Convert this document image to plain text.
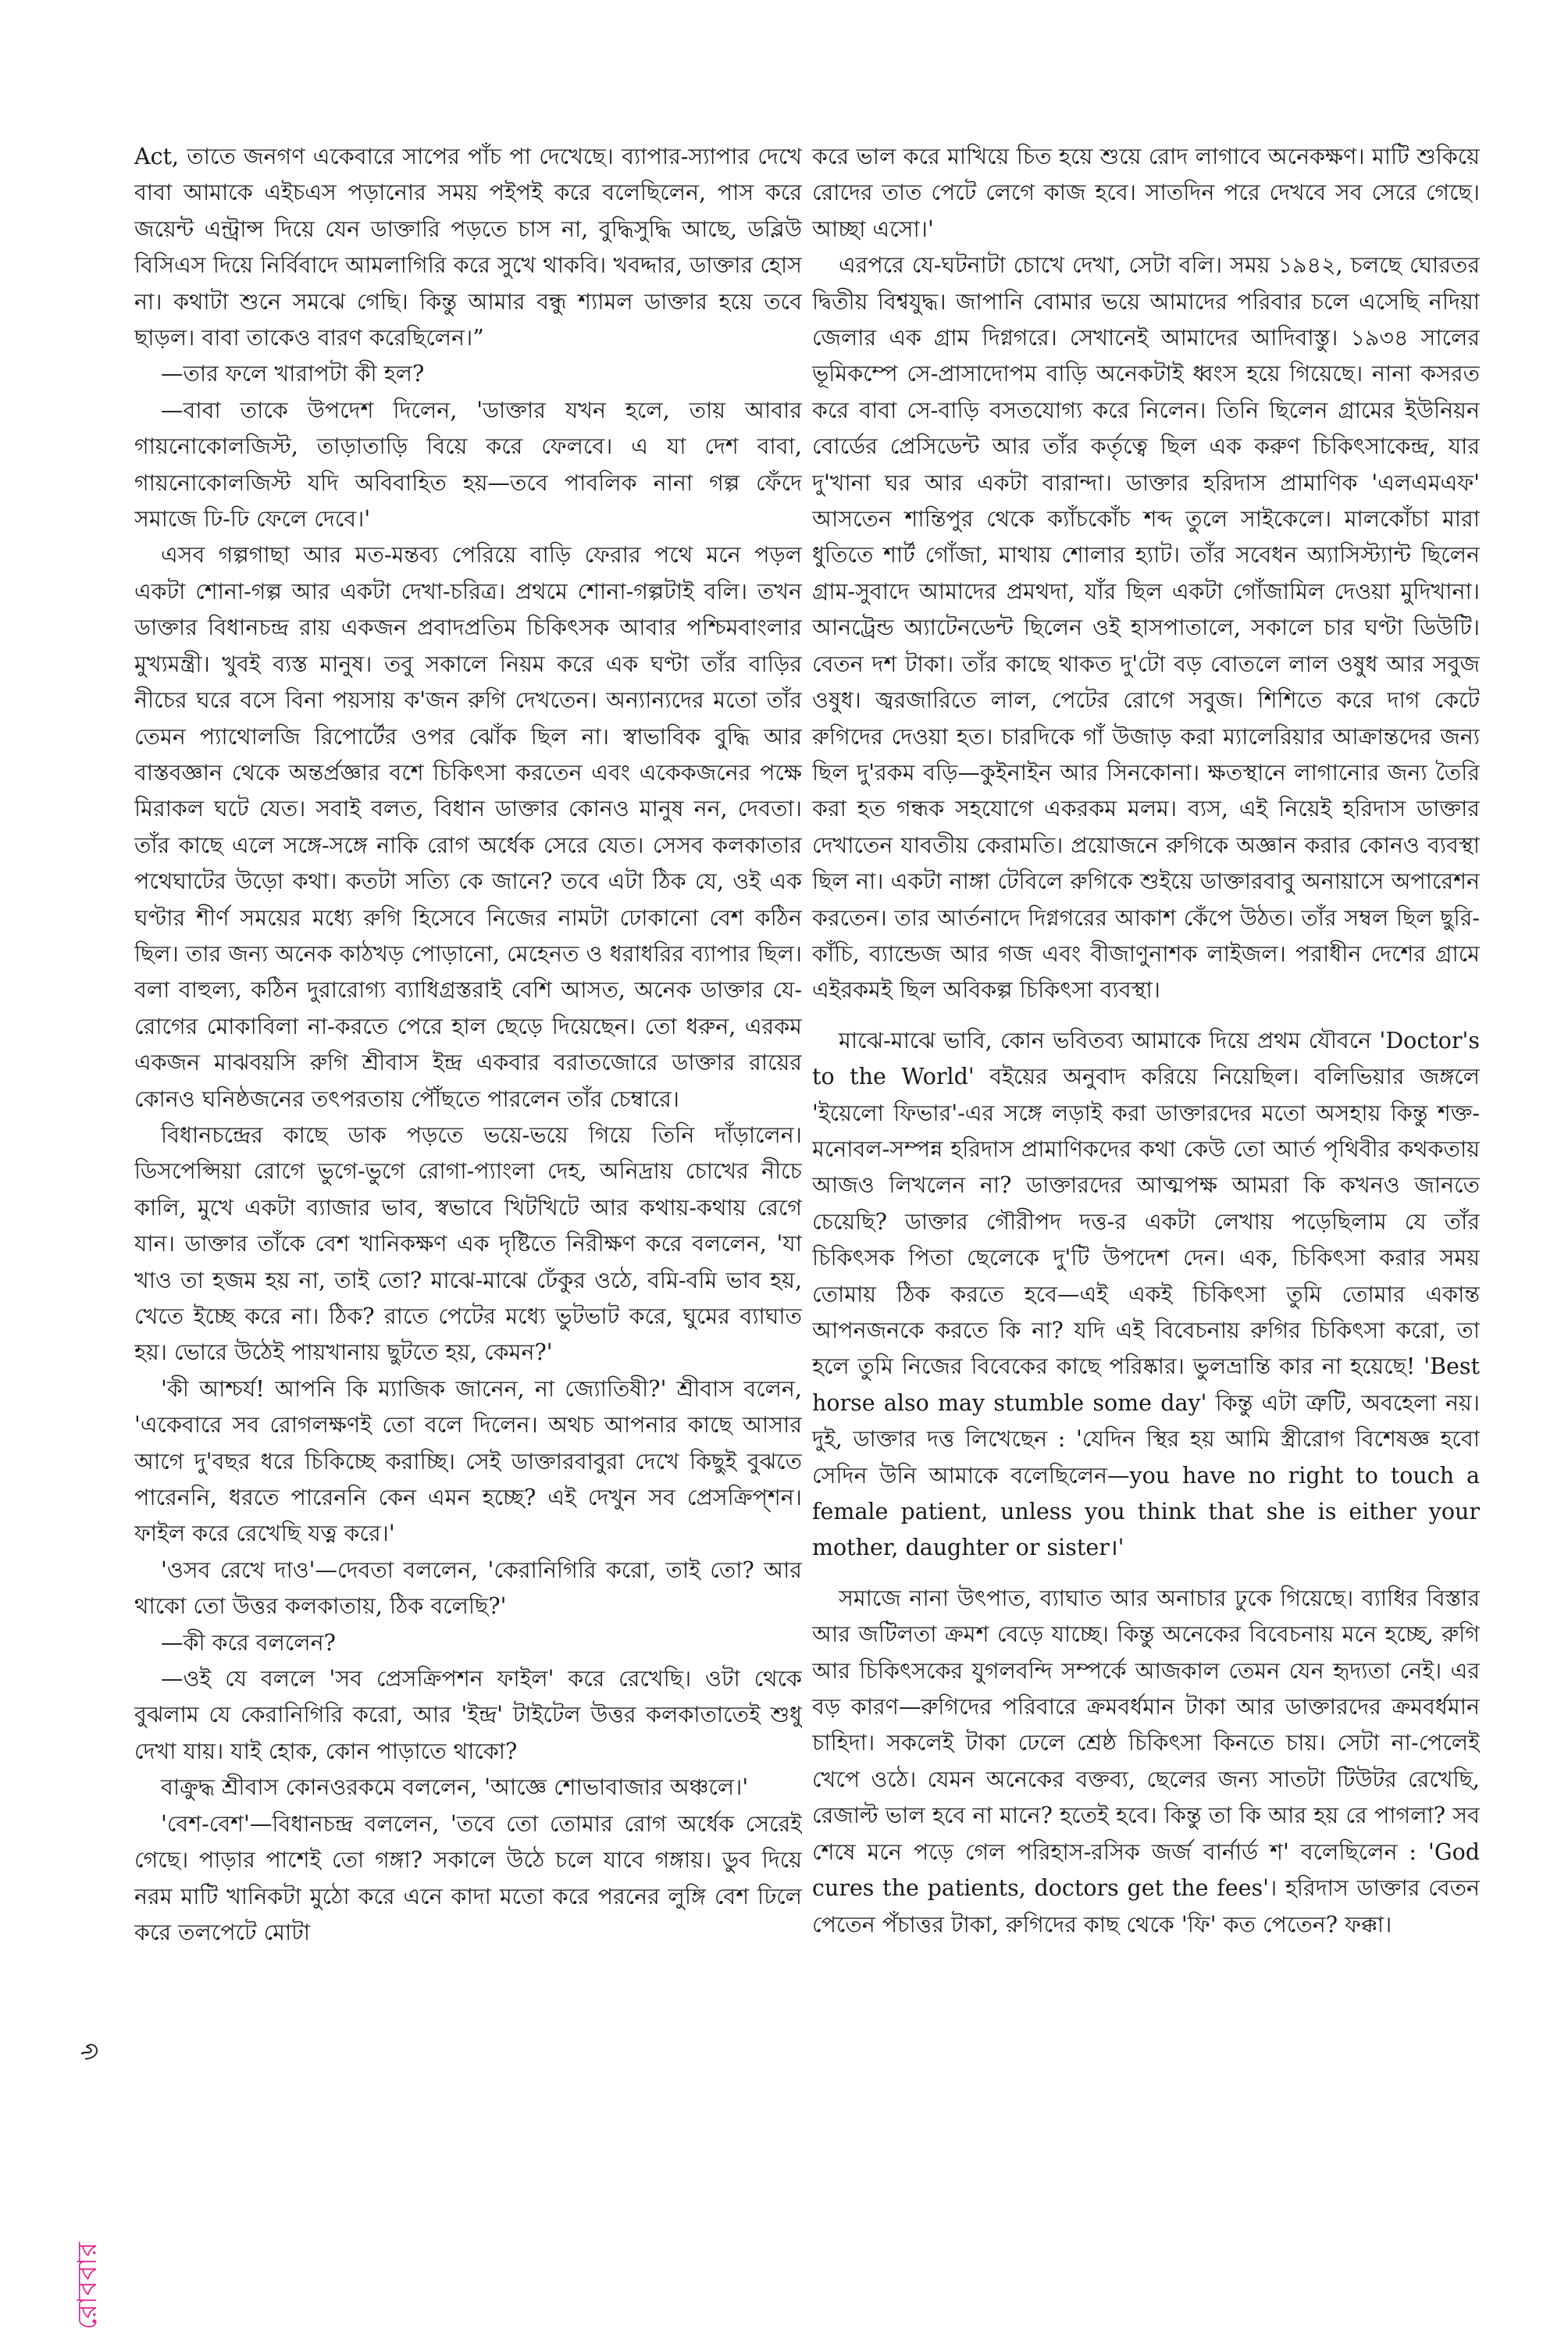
Act, তাতে জনগণ একেবারে সাপের পাঁচ পা দেখেছে। ব্যাপার-স্যাপার দেখে বাবা আমাকে এইচএস পড়ানোর সময় পইপই করে বলেছিলেন, পাস করে জয়েন্ট এন্ট্রান্স দিয়ে যেন ডাক্তারি পড়তে চাস না, বুদ্ধিসুদ্ধি আছে, ডব্লিউ বিসিএস দিয়ে নির্বিবাদে আমলাগিরি করে সুখে থাকবি। খবদ্দার, ডাক্তার হোস না। কথাটা শুনে সমঝে গেছি। কিন্তু আমার বন্ধু শ্যামল ডাক্তার হয়ে তবে ছাড়ল। বাবা তাকেও বারণ করেছিলেন।”

—তার ফলে খারাপটা কী হল?

—বাবা তাকে উপদেশ দিলেন, 'ডাক্তার যখন হলে, তায় আবার গায়নোকোলজিস্ট, তাড়াতাড়ি বিয়ে করে ফেলবে। এ যা দেশ বাবা, গায়নোকোলজিস্ট যদি অবিবাহিত হয়—তবে পাবলিক নানা গল্প ফেঁদে সমাজে ঢি-ঢি ফেলে দেবে।'

এসব গল্পগাছা আর মত-মন্তব্য পেরিয়ে বাড়ি ফেরার পথে মনে পড়ল একটা শোনা-গল্প আর একটা দেখা-চরিত্র। প্রথমে শোনা-গল্পটাই বলি। তখন ডাক্তার বিধানচন্দ্র রায় একজন প্রবাদপ্রতিম চিকিৎসক আবার পশ্চিমবাংলার মুখ্যমন্ত্রী। খুবই ব্যস্ত মানুষ। তবু সকালে নিয়ম করে এক ঘণ্টা তাঁর বাড়ির নীচের ঘরে বসে বিনা পয়সায় ক'জন রুগি দেখতেন। অন্যান্যদের মতো তাঁর তেমন প্যাথোলজি রিপোর্টের ওপর ঝোঁক ছিল না। স্বাভাবিক বুদ্ধি আর বাস্তবজ্ঞান থেকে অন্তর্প্রজ্ঞার বশে চিকিৎসা করতেন এবং একেকজনের পক্ষে মিরাকল ঘটে যেত। সবাই বলত, বিধান ডাক্তার কোনও মানুষ নন, দেবতা। তাঁর কাছে এলে সঙ্গে-সঙ্গে নাকি রোগ অর্ধেক সেরে যেত। সেসব কলকাতার পথেঘাটের উড়ো কথা। কতটা সত্যি কে জানে? তবে এটা ঠিক যে, ওই এক ঘণ্টার শীর্ণ সময়ের মধ্যে রুগি হিসেবে নিজের নামটা ঢোকানো বেশ কঠিন ছিল। তার জন্য অনেক কাঠখড় পোড়ানো, মেহেনত ও ধরাধরির ব্যাপার ছিল। বলা বাহুল্য, কঠিন দুরারোগ্য ব্যাধিগ্রস্তরাই বেশি আসত, অনেক ডাক্তার যে-রোগের মোকাবিলা না-করতে পেরে হাল ছেড়ে দিয়েছেন। তো ধরুন, এরকম একজন মাঝবয়সি রুগি শ্রীবাস ইন্দ্র একবার বরাতজোরে ডাক্তার রায়ের কোনও ঘনিষ্ঠজনের তৎপরতায় পৌঁছতে পারলেন তাঁর চেম্বারে।

বিধানচন্দ্রের কাছে ডাক পড়তে ভয়ে-ভয়ে গিয়ে তিনি দাঁড়ালেন। ডিসপেপ্সিয়া রোগে ভুগে-ভুগে রোগা-প্যাংলা দেহ, অনিদ্রায় চোখের নীচে কালি, মুখে একটা ব্যাজার ভাব, স্বভাবে খিটখিটে আর কথায়-কথায় রেগে যান। ডাক্তার তাঁকে বেশ খানিকক্ষণ এক দৃষ্টিতে নিরীক্ষণ করে বললেন, 'যা খাও তা হজম হয় না, তাই তো? মাঝে-মাঝে ঢেঁকুর ওঠে, বমি-বমি ভাব হয়, খেতে ইচ্ছে করে না। ঠিক? রাতে পেটের মধ্যে ভুটভাট করে, ঘুমের ব্যাঘাত হয়। ভোরে উঠেই পায়খানায় ছুটতে হয়, কেমন?'

'কী আশ্চর্য! আপনি কি ম্যাজিক জানেন, না জ্যোতিষী?' শ্রীবাস বলেন, 'একেবারে সব রোগলক্ষণই তো বলে দিলেন। অথচ আপনার কাছে আসার আগে দু'বছর ধরে চিকিচ্ছে করাচ্ছি। সেই ডাক্তারবাবুরা দেখে কিছুই বুঝতে পারেননি, ধরতে পারেননি কেন এমন হচ্ছে? এই দেখুন সব প্রেসক্রিপ্শন। ফাইল করে রেখেছি যত্ন করে।'

'ওসব রেখে দাও'—দেবতা বললেন, 'কেরানিগিরি করো, তাই তো? আর থাকো তো উত্তর কলকাতায়, ঠিক বলেছি?'

—কী করে বললেন?

—ওই যে বললে 'সব প্রেসক্রিপশন ফাইল' করে রেখেছি। ওটা থেকে বুঝলাম যে কেরানিগিরি করো, আর 'ইন্দ্র' টাইটেল উত্তর কলকাতাতেই শুধু দেখা যায়। যাই হোক, কোন পাড়াতে থাকো?

বাক্রুদ্ধ শ্রীবাস কোনওরকমে বললেন, 'আজ্ঞে শোভাবাজার অঞ্চলে।'

'বেশ-বেশ'—বিধানচন্দ্র বললেন, 'তবে তো তোমার রোগ অর্ধেক সেরেই গেছে। পাড়ার পাশেই তো গঙ্গা? সকালে উঠে চলে যাবে গঙ্গায়। ডুব দিয়ে নরম মাটি খানিকটা মুঠো করে এনে কাদা মতো করে পরনের লুঙ্গি বেশ ঢিলে করে তলপেটে মোটা

করে ভাল করে মাখিয়ে চিত হয়ে শুয়ে রোদ লাগাবে অনেকক্ষণ। মাটি শুকিয়ে রোদের তাত পেটে লেগে কাজ হবে। সাতদিন পরে দেখবে সব সেরে গেছে। আচ্ছা এসো।'

এরপরে যে-ঘটনাটা চোখে দেখা, সেটা বলি। সময় ১৯৪২, চলছে ঘোরতর দ্বিতীয় বিশ্বযুদ্ধ। জাপানি বোমার ভয়ে আমাদের পরিবার চলে এসেছি নদিয়া জেলার এক গ্রাম দিগ্নগরে। সেখানেই আমাদের আদিবাস্তু। ১৯৩৪ সালের ভূমিকম্পে সে-প্রাসাদোপম বাড়ি অনেকটাই ধ্বংস হয়ে গিয়েছে। নানা কসরত করে বাবা সে-বাড়ি বসতযোগ্য করে নিলেন। তিনি ছিলেন গ্রামের ইউনিয়ন বোর্ডের প্রেসিডেন্ট আর তাঁর কর্তৃত্বে ছিল এক করুণ চিকিৎসাকেন্দ্র, যার দু'খানা ঘর আর একটা বারান্দা। ডাক্তার হরিদাস প্রামাণিক 'এলএমএফ' আসতেন শান্তিপুর থেকে ক্যাঁচকোঁচ শব্দ তুলে সাইকেলে। মালকোঁচা মারা ধুতিতে শার্ট গোঁজা, মাথায় শোলার হ্যাট। তাঁর সবেধন অ্যাসিস্ট্যান্ট ছিলেন গ্রাম-সুবাদে আমাদের প্রমথদা, যাঁর ছিল একটা গোঁজামিল দেওয়া মুদিখানা। আনট্রেন্ড অ্যাটেনডেন্ট ছিলেন ওই হাসপাতালে, সকালে চার ঘণ্টা ডিউটি। বেতন দশ টাকা। তাঁর কাছে থাকত দু'টো বড় বোতলে লাল ওষুধ আর সবুজ ওষুধ। জ্বরজারিতে লাল, পেটের রোগে সবুজ। শিশিতে করে দাগ কেটে রুগিদের দেওয়া হত। চারদিকে গাঁ উজাড় করা ম্যালেরিয়ার আক্রান্তদের জন্য ছিল দু'রকম বড়ি—কুইনাইন আর সিনকোনা। ক্ষতস্থানে লাগানোর জন্য তৈরি করা হত গন্ধক সহযোগে একরকম মলম। ব্যস, এই নিয়েই হরিদাস ডাক্তার দেখাতেন যাবতীয় কেরামতি। প্রয়োজনে রুগিকে অজ্ঞান করার কোনও ব্যবস্থা ছিল না। একটা নাঙ্গা টেবিলে রুগিকে শুইয়ে ডাক্তারবাবু অনায়াসে অপারেশন করতেন। তার আর্তনাদে দিগ্নগরের আকাশ কেঁপে উঠত। তাঁর সম্বল ছিল ছুরি-কাঁচি, ব্যান্ডেজ আর গজ এবং বীজাণুনাশক লাইজল। পরাধীন দেশের গ্রামে এইরকমই ছিল অবিকল্প চিকিৎসা ব্যবস্থা।

মাঝে-মাঝে ভাবি, কোন ভবিতব্য আমাকে দিয়ে প্রথম যৌবনে 'Doctor's to the World' বইয়ের অনুবাদ করিয়ে নিয়েছিল। বলিভিয়ার জঙ্গলে 'ইয়েলো ফিভার'-এর সঙ্গে লড়াই করা ডাক্তারদের মতো অসহায় কিন্তু শক্ত-মনোবল-সম্পন্ন হরিদাস প্রামাণিকদের কথা কেউ তো আর্ত পৃথিবীর কথকতায় আজও লিখলেন না? ডাক্তারদের আত্মপক্ষ আমরা কি কখনও জানতে চেয়েছি? ডাক্তার গৌরীপদ দত্ত-র একটা লেখায় পড়েছিলাম যে তাঁর চিকিৎসক পিতা ছেলেকে দু'টি উপদেশ দেন। এক, চিকিৎসা করার সময় তোমায় ঠিক করতে হবে—এই একই চিকিৎসা তুমি তোমার একান্ত আপনজনকে করতে কি না? যদি এই বিবেচনায় রুগির চিকিৎসা করো, তা হলে তুমি নিজের বিবেকের কাছে পরিষ্কার। ভুলভ্রান্তি কার না হয়েছে! 'Best horse also may stumble some day' কিন্তু এটা ত্রুটি, অবহেলা নয়। দুই, ডাক্তার দত্ত লিখেছেন : 'যেদিন স্থির হয় আমি স্ত্রীরোগ বিশেষজ্ঞ হবো সেদিন উনি আমাকে বলেছিলেন—you have no right to touch a female patient, unless you think that she is either your mother, daughter or sister।'

সমাজে নানা উৎপাত, ব্যাঘাত আর অনাচার ঢুকে গিয়েছে। ব্যাধির বিস্তার আর জটিলতা ক্রমশ বেড়ে যাচ্ছে। কিন্তু অনেকের বিবেচনায় মনে হচ্ছে, রুগি আর চিকিৎসকের যুগলবন্দি সম্পর্কে আজকাল তেমন যেন হৃদ্যতা নেই। এর বড় কারণ—রুগিদের পরিবারে ক্রমবর্ধমান টাকা আর ডাক্তারদের ক্রমবর্ধমান চাহিদা। সকলেই টাকা ঢেলে শ্রেষ্ঠ চিকিৎসা কিনতে চায়। সেটা না-পেলেই খেপে ওঠে। যেমন অনেকের বক্তব্য, ছেলের জন্য সাতটা টিউটর রেখেছি, রেজাল্ট ভাল হবে না মানে? হতেই হবে। কিন্তু তা কি আর হয় রে পাগলা? সব শেষে মনে পড়ে গেল পরিহাস-রসিক জর্জ বার্নার্ড শ' বলেছিলেন : 'God cures the patients, doctors get the fees'। হরিদাস ডাক্তার বেতন পেতেন পঁচাত্তর টাকা, রুগিদের কাছ থেকে 'ফি' কত পেতেন? ফক্কা।

৬
রোববার
